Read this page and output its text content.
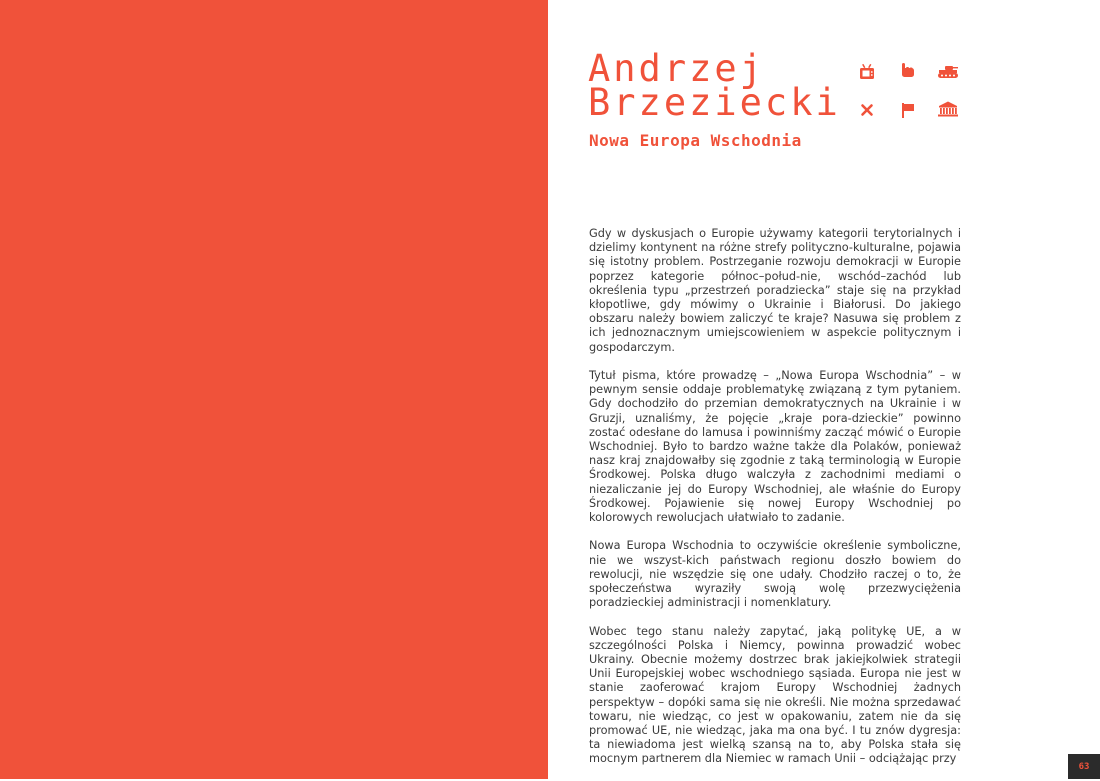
Andrzej
Brzeziecki
Nowa Europa Wschodnia

Gdy w dyskusjach o Europie używamy kategorii terytorialnych i dzielimy kontynent na różne strefy polityczno-kulturalne, pojawia się istotny problem. Postrzeganie rozwoju demokracji w Europie poprzez kategorie północ–połud-nie, wschód–zachód lub określenia typu „przestrzeń poradziecka” staje się na przykład kłopotliwe, gdy mówimy o Ukrainie i Białorusi. Do jakiego obszaru należy bowiem zaliczyć te kraje? Nasuwa się problem z ich jednoznacznym umiejscowieniem w aspekcie politycznym i gospodarczym.

Tytuł pisma, które prowadzę – „Nowa Europa Wschodnia” – w pewnym sensie oddaje problematykę związaną z tym pytaniem. Gdy dochodziło do przemian demokratycznych na Ukrainie i w Gruzji, uznaliśmy, że pojęcie „kraje pora-dzieckie” powinno zostać odesłane do lamusa i powinniśmy zacząć mówić o Europie Wschodniej. Było to bardzo ważne także dla Polaków, ponieważ nasz kraj znajdowałby się zgodnie z taką terminologią w Europie Środkowej. Polska długo walczyła z zachodnimi mediami o niezaliczanie jej do Europy Wschodniej, ale właśnie do Europy Środkowej. Pojawienie się nowej Europy Wschodniej po kolorowych rewolucjach ułatwiało to zadanie.

Nowa Europa Wschodnia to oczywiście określenie symboliczne, nie we wszyst-kich państwach regionu doszło bowiem do rewolucji, nie wszędzie się one udały. Chodziło raczej o to, że społeczeństwa wyraziły swoją wolę przezwyciężenia poradzieckiej administracji i nomenklatury.

Wobec tego stanu należy zapytać, jaką politykę UE, a w szczególności Polska i Niemcy, powinna prowadzić wobec Ukrainy. Obecnie możemy dostrzec brak jakiejkolwiek strategii Unii Europejskiej wobec wschodniego sąsiada. Europa nie jest w stanie zaoferować krajom Europy Wschodniej żadnych perspektyw – dopóki sama się nie określi. Nie można sprzedawać towaru, nie wiedząc, co jest w opakowaniu, zatem nie da się promować UE, nie wiedząc, jaka ma ona być. I tu znów dygresja: ta niewiadoma jest wielką szansą na to, aby Polska stała się mocnym partnerem dla Niemiec w ramach Unii – odciążając przy

63
